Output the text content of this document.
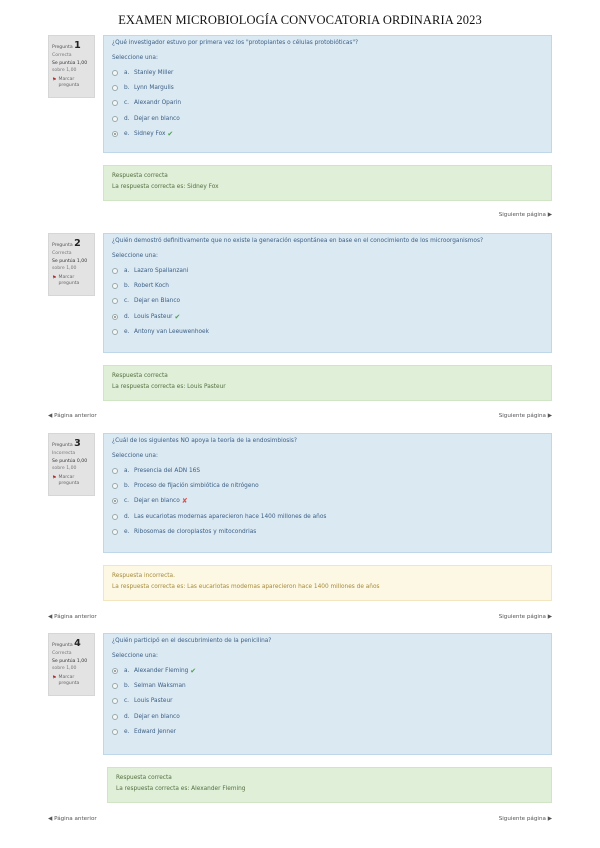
EXAMEN MICROBIOLOGÍA CONVOCATORIA ORDINARIA 2023
Pregunta 1
Correcta
Se puntúa 1,00
sobre 1,00
⚑ Marcar pregunta
¿Qué investigador estuvo por primera vez los "protoplantes o células protobióticas"?
Seleccione una:
a. Stanley Miller
b. Lynn Margulis
c. Alexandr Oparin
d. Dejar en blanco
e. Sidney Fox ✔
Respuesta correcta
La respuesta correcta es: Sidney Fox
Siguiente página ▶
Pregunta 2
Correcta
Se puntúa 1,00
sobre 1,00
⚑ Marcar pregunta
¿Quién demostró definitivamente que no existe la generación espontánea en base en el conocimiento de los microorganismos?
Seleccione una:
a. Lazaro Spallanzani
b. Robert Koch
c. Dejar en Blanco
d. Louis Pasteur ✔
e. Antony van Leeuwenhoek
Respuesta correcta
La respuesta correcta es: Louis Pasteur
◀ Página anterior	Siguiente página ▶
Pregunta 3
Incorrecta
Se puntúa 0,00
sobre 1,00
⚑ Marcar pregunta
¿Cuál de los siguientes NO apoya la teoría de la endosimbiosis?
Seleccione una:
a. Presencia del ADN 16S
b. Proceso de fijación simbiótica de nitrógeno
c. Dejar en blanco ✘
d. Las eucariotas modernas aparecieron hace 1400 millones de años
e. Ribosomas de cloroplastos y mitocondrias
Respuesta incorrecta.
La respuesta correcta es: Las eucariotas modernas aparecieron hace 1400 millones de años
◀ Página anterior	Siguiente página ▶
Pregunta 4
Correcta
Se puntúa 1,00
sobre 1,00
⚑ Marcar pregunta
¿Quién participó en el descubrimiento de la penicilina?
Seleccione una:
a. Alexander Fleming ✔
b. Selman Waksman
c. Louis Pasteur
d. Dejar en blanco
e. Edward Jenner
Respuesta correcta
La respuesta correcta es: Alexander Fleming
◀ Página anterior	Siguiente página ▶
